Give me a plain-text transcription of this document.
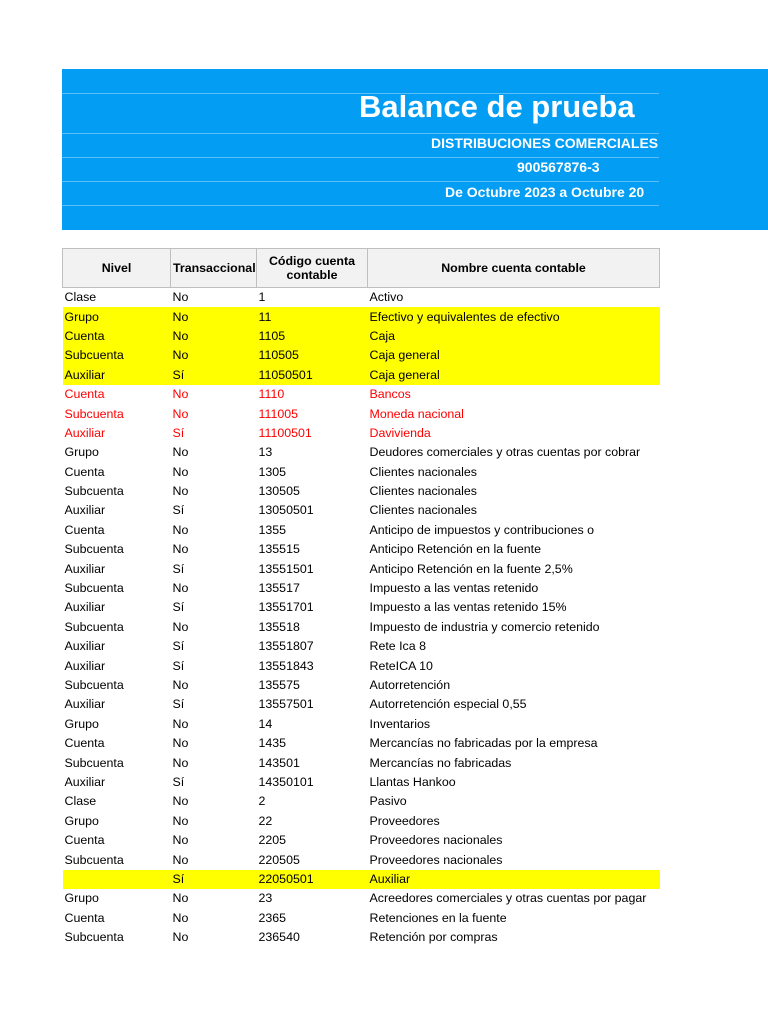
Balance de prueba
DISTRIBUCIONES COMERCIALES
900567876-3
De Octubre 2023 a Octubre 20
Nivel	Transaccional	Código cuenta contable	Nombre cuenta contable
Clase	No	1	Activo
Grupo	No	11	Efectivo y equivalentes de efectivo
Cuenta	No	1105	Caja
Subcuenta	No	110505	Caja general
Auxiliar	Sí	11050501	Caja general
Cuenta	No	1110	Bancos
Subcuenta	No	111005	Moneda nacional
Auxiliar	Sí	11100501	Davivienda
Grupo	No	13	Deudores comerciales y otras cuentas por cobrar
Cuenta	No	1305	Clientes nacionales
Subcuenta	No	130505	Clientes nacionales
Auxiliar	Sí	13050501	Clientes nacionales
Cuenta	No	1355	Anticipo de impuestos y contribuciones o
Subcuenta	No	135515	Anticipo Retención en la fuente
Auxiliar	Sí	13551501	Anticipo Retención en la fuente 2,5%
Subcuenta	No	135517	Impuesto a las ventas retenido
Auxiliar	Sí	13551701	Impuesto a las ventas retenido 15%
Subcuenta	No	135518	Impuesto de industria y comercio retenido
Auxiliar	Sí	13551807	Rete Ica 8
Auxiliar	Sí	13551843	ReteICA 10
Subcuenta	No	135575	Autorretención
Auxiliar	Sí	13557501	Autorretención especial 0,55
Grupo	No	14	Inventarios
Cuenta	No	1435	Mercancías no fabricadas por la empresa
Subcuenta	No	143501	Mercancías no fabricadas
Auxiliar	Sí	14350101	Llantas Hankoo
Clase	No	2	Pasivo
Grupo	No	22	Proveedores
Cuenta	No	2205	Proveedores nacionales
Subcuenta	No	220505	Proveedores nacionales
	Sí	22050501	Auxiliar
Grupo	No	23	Acreedores comerciales y otras cuentas por pagar
Cuenta	No	2365	Retenciones en la fuente
Subcuenta	No	236540	Retención por compras
